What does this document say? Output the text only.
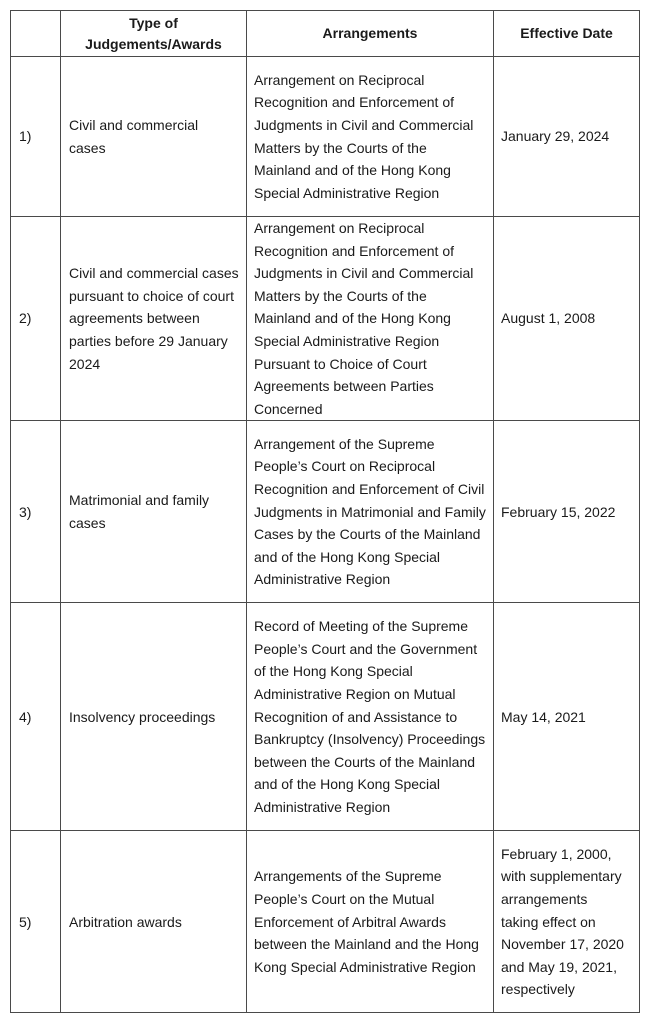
	Type of Judgements/Awards	Arrangements	Effective Date
1)	Civil and commercial cases	Arrangement on Reciprocal Recognition and Enforcement of Judgments in Civil and Commercial Matters by the Courts of the Mainland and of the Hong Kong Special Administrative Region	January 29, 2024
2)	Civil and commercial cases pursuant to choice of court agreements between parties before 29 January 2024	Arrangement on Reciprocal Recognition and Enforcement of Judgments in Civil and Commercial Matters by the Courts of the Mainland and of the Hong Kong Special Administrative Region Pursuant to Choice of Court Agreements between Parties Concerned	August 1, 2008
3)	Matrimonial and family cases	Arrangement of the Supreme People’s Court on Reciprocal Recognition and Enforcement of Civil Judgments in Matrimonial and Family Cases by the Courts of the Mainland and of the Hong Kong Special Administrative Region	February 15, 2022
4)	Insolvency proceedings	Record of Meeting of the Supreme People’s Court and the Government of the Hong Kong Special Administrative Region on Mutual Recognition of and Assistance to Bankruptcy (Insolvency) Proceedings between the Courts of the Mainland and of the Hong Kong Special Administrative Region	May 14, 2021
5)	Arbitration awards	Arrangements of the Supreme People’s Court on the Mutual Enforcement of Arbitral Awards between the Mainland and the Hong Kong Special Administrative Region	February 1, 2000, with supplementary arrangements taking effect on November 17, 2020 and May 19, 2021, respectively
